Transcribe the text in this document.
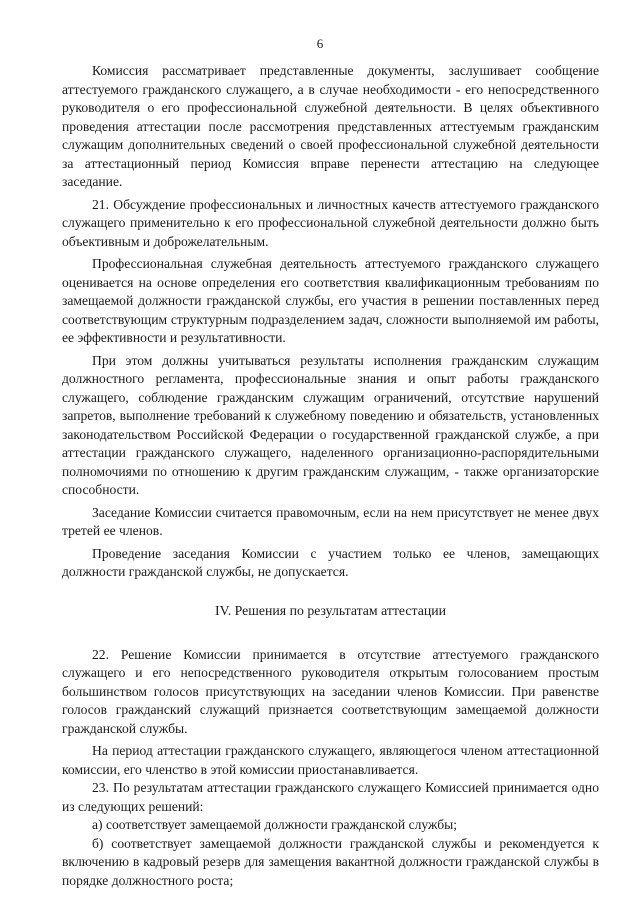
6

Комиссия рассматривает представленные документы, заслушивает сообщение аттестуемого гражданского служащего, а в случае необходимости - его непосредственного руководителя о его профессиональной служебной деятельности. В целях объективного проведения аттестации после рассмотрения представленных аттестуемым гражданским служащим дополнительных сведений о своей профессиональной служебной деятельности за аттестационный период Комиссия вправе перенести аттестацию на следующее заседание.

21. Обсуждение профессиональных и личностных качеств аттестуемого гражданского служащего применительно к его профессиональной служебной деятельности должно быть объективным и доброжелательным.

Профессиональная служебная деятельность аттестуемого гражданского служащего оценивается на основе определения его соответствия квалификационным требованиям по замещаемой должности гражданской службы, его участия в решении поставленных перед соответствующим структурным подразделением задач, сложности выполняемой им работы, ее эффективности и результативности.

При этом должны учитываться результаты исполнения гражданским служащим должностного регламента, профессиональные знания и опыт работы гражданского служащего, соблюдение гражданским служащим ограничений, отсутствие нарушений запретов, выполнение требований к служебному поведению и обязательств, установленных законодательством Российской Федерации о государственной гражданской службе, а при аттестации гражданского служащего, наделенного организационно-распорядительными полномочиями по отношению к другим гражданским служащим, - также организаторские способности.

Заседание Комиссии считается правомочным, если на нем присутствует не менее двух третей ее членов.

Проведение заседания Комиссии с участием только ее членов, замещающих должности гражданской службы, не допускается.

IV. Решения по результатам аттестации

22. Решение Комиссии принимается в отсутствие аттестуемого гражданского служащего и его непосредственного руководителя открытым голосованием простым большинством голосов присутствующих на заседании членов Комиссии. При равенстве голосов гражданский служащий признается соответствующим замещаемой должности гражданской службы.

На период аттестации гражданского служащего, являющегося членом аттестационной комиссии, его членство в этой комиссии приостанавливается.

23. По результатам аттестации гражданского служащего Комиссией принимается одно из следующих решений:

а) соответствует замещаемой должности гражданской службы;

б) соответствует замещаемой должности гражданской службы и рекомендуется к включению в кадровый резерв для замещения вакантной должности гражданской службы в порядке должностного роста;
